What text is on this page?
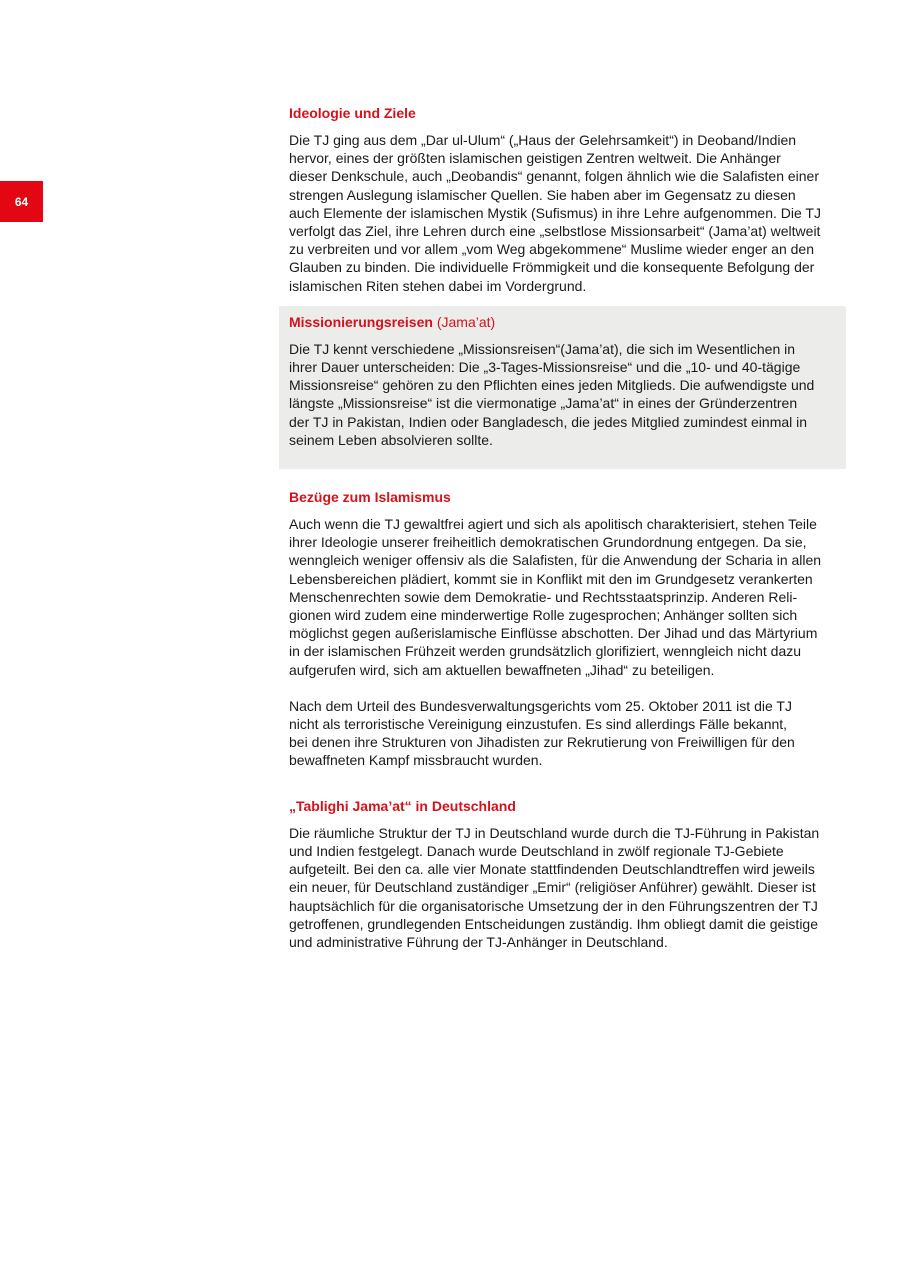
64
Ideologie und Ziele

Die TJ ging aus dem „Dar ul-Ulum“ („Haus der Gelehrsamkeit“) in Deoband/Indien
hervor, eines der größten islamischen geistigen Zentren weltweit. Die Anhänger
dieser Denkschule, auch „Deobandis“ genannt, folgen ähnlich wie die Salafisten einer
strengen Auslegung islamischer Quellen. Sie haben aber im Gegensatz zu diesen
auch Elemente der islamischen Mystik (Sufismus) in ihre Lehre aufgenommen. Die TJ
verfolgt das Ziel, ihre Lehren durch eine „selbstlose Missionsarbeit“ (Jama’at) weltweit
zu verbreiten und vor allem „vom Weg abgekommene“ Muslime wieder enger an den
Glauben zu binden. Die individuelle Frömmigkeit und die konsequente Befolgung der
islamischen Riten stehen dabei im Vordergrund.

Missionierungsreisen (Jama’at)

Die TJ kennt verschiedene „Missionsreisen“(Jama’at), die sich im Wesentlichen in
ihrer Dauer unterscheiden: Die „3-Tages-Missionsreise“ und die „10- und 40-tägige
Missionsreise“ gehören zu den Pflichten eines jeden Mitglieds. Die aufwendigste und
längste „Missionsreise“ ist die viermonatige „Jama’at“ in eines der Gründerzentren
der TJ in Pakistan, Indien oder Bangladesch, die jedes Mitglied zumindest einmal in
seinem Leben absolvieren sollte.

Bezüge zum Islamismus

Auch wenn die TJ gewaltfrei agiert und sich als apolitisch charakterisiert, stehen Teile
ihrer Ideologie unserer freiheitlich demokratischen Grundordnung entgegen. Da sie,
wenngleich weniger offensiv als die Salafisten, für die Anwendung der Scharia in allen
Lebensbereichen plädiert, kommt sie in Konflikt mit den im Grundgesetz verankerten
Menschenrechten sowie dem Demokratie- und Rechtsstaatsprinzip. Anderen Reli-
gionen wird zudem eine minderwertige Rolle zugesprochen; Anhänger sollten sich
möglichst gegen außerislamische Einflüsse abschotten. Der Jihad und das Märtyrium
in der islamischen Frühzeit werden grundsätzlich glorifiziert, wenngleich nicht dazu
aufgerufen wird, sich am aktuellen bewaffneten „Jihad“ zu beteiligen.

Nach dem Urteil des Bundesverwaltungsgerichts vom 25. Oktober 2011 ist die TJ
nicht als terroristische Vereinigung einzustufen. Es sind allerdings Fälle bekannt,
bei denen ihre Strukturen von Jihadisten zur Rekrutierung von Freiwilligen für den
bewaffneten Kampf missbraucht wurden.

„Tablighi Jama’at“ in Deutschland

Die räumliche Struktur der TJ in Deutschland wurde durch die TJ-Führung in Pakistan
und Indien festgelegt. Danach wurde Deutschland in zwölf regionale TJ-Gebiete
aufgeteilt. Bei den ca. alle vier Monate stattfindenden Deutschlandtreffen wird jeweils
ein neuer, für Deutschland zuständiger „Emir“ (religiöser Anführer) gewählt. Dieser ist
hauptsächlich für die organisatorische Umsetzung der in den Führungszentren der TJ
getroffenen, grundlegenden Entscheidungen zuständig. Ihm obliegt damit die geistige
und administrative Führung der TJ-Anhänger in Deutschland.
